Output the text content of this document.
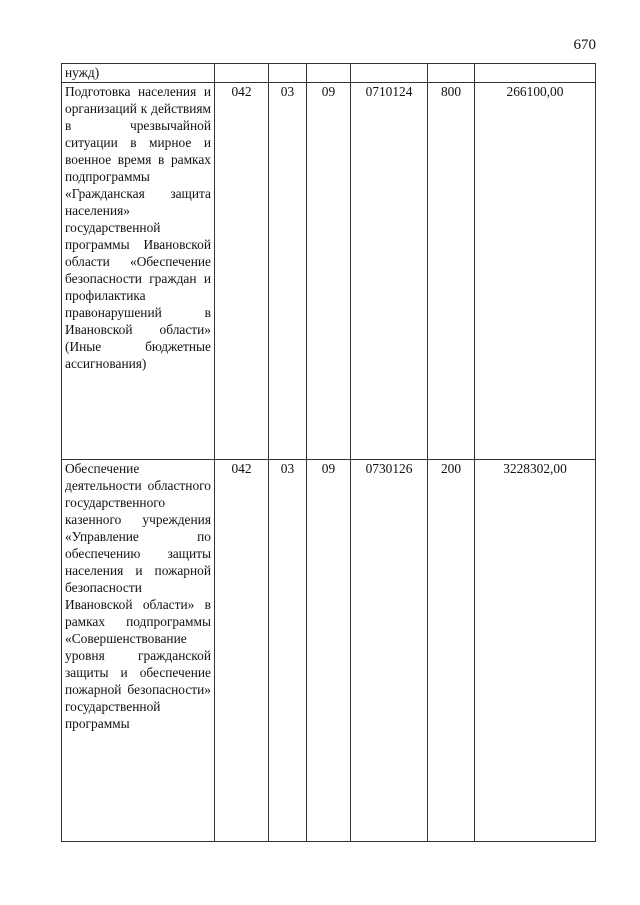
670
нужд)						
Подготовка населения и организаций к действиям в чрезвычайной ситуации в мирное и военное время в рамках подпрограммы «Гражданская защита населения» государственной программы Ивановской области «Обеспечение безопасности граждан и профилактика правонарушений в Ивановской области» (Иные бюджетные ассигнования)	042	03	09	0710124	800	266100,00
Обеспечение деятельности областного государственного казенного учреждения «Управление по обеспечению защиты населения и пожарной безопасности Ивановской области» в рамках подпрограммы «Совершенствование уровня гражданской защиты и обеспечение пожарной безопасности» государственной программы	042	03	09	0730126	200	3228302,00
